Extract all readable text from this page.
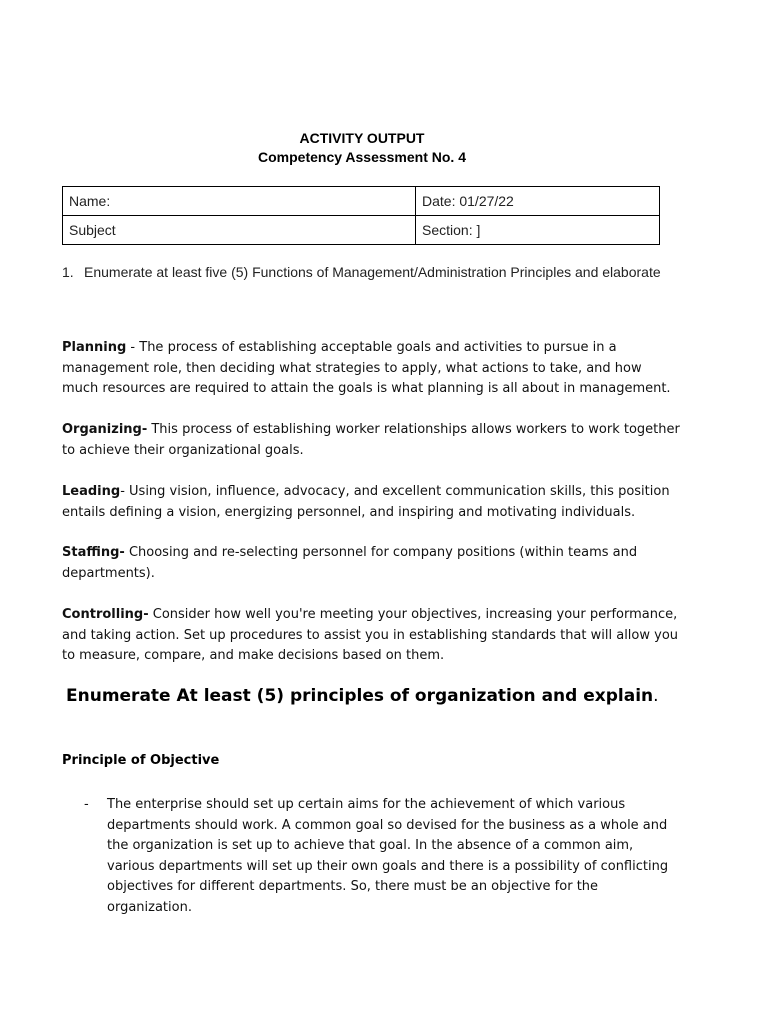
ACTIVITY OUTPUT
Competency Assessment No. 4
Name:	Date: 01/27/22
Subject	Section: ]
1. Enumerate at least five (5) Functions of Management/Administration Principles and elaborate
Planning - The process of establishing acceptable goals and activities to pursue in a management role, then deciding what strategies to apply, what actions to take, and how much resources are required to attain the goals is what planning is all about in management.
Organizing- This process of establishing worker relationships allows workers to work together to achieve their organizational goals.
Leading- Using vision, influence, advocacy, and excellent communication skills, this position entails defining a vision, energizing personnel, and inspiring and motivating individuals.
Staffing- Choosing and re-selecting personnel for company positions (within teams and departments).
Controlling- Consider how well you're meeting your objectives, increasing your performance, and taking action. Set up procedures to assist you in establishing standards that will allow you to measure, compare, and make decisions based on them.
Enumerate At least (5) principles of organization and explain.
Principle of Objective
- The enterprise should set up certain aims for the achievement of which various departments should work. A common goal so devised for the business as a whole and the organization is set up to achieve that goal. In the absence of a common aim, various departments will set up their own goals and there is a possibility of conflicting objectives for different departments. So, there must be an objective for the organization.
